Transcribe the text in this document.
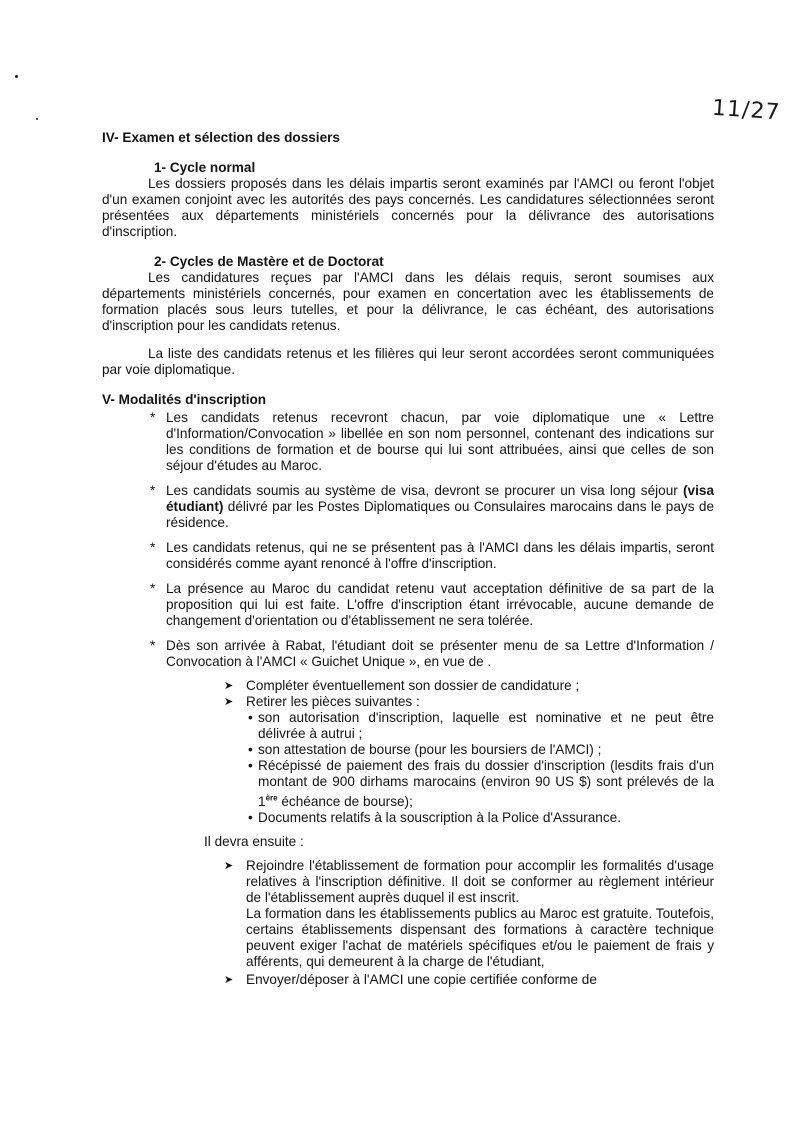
11/27
IV- Examen et sélection des dossiers
1- Cycle normal
Les dossiers proposés dans les délais impartis seront examinés par l'AMCI ou feront l'objet d'un examen conjoint avec les autorités des pays concernés. Les candidatures sélectionnées seront présentées aux départements ministériels concernés pour la délivrance des autorisations d'inscription.
2- Cycles de Mastère et de Doctorat
Les candidatures reçues par l'AMCI dans les délais requis, seront soumises aux départements ministériels concernés, pour examen en concertation avec les établissements de formation placés sous leurs tutelles, et pour la délivrance, le cas échéant, des autorisations d'inscription pour les candidats retenus.
La liste des candidats retenus et les filières qui leur seront accordées seront communiquées par voie diplomatique.
V- Modalités d'inscription
* Les candidats retenus recevront chacun, par voie diplomatique une « Lettre d'Information/Convocation » libellée en son nom personnel, contenant des indications sur les conditions de formation et de bourse qui lui sont attribuées, ainsi que celles de son séjour d'études au Maroc.
* Les candidats soumis au système de visa, devront se procurer un visa long séjour (visa étudiant) délivré par les Postes Diplomatiques ou Consulaires marocains dans le pays de résidence.
* Les candidats retenus, qui ne se présentent pas à l'AMCI dans les délais impartis, seront considérés comme ayant renoncé à l'offre d'inscription.
* La présence au Maroc du candidat retenu vaut acceptation définitive de sa part de la proposition qui lui est faite. L'offre d'inscription étant irrévocable, aucune demande de changement d'orientation ou d'établissement ne sera tolérée.
* Dès son arrivée à Rabat, l'étudiant doit se présenter menu de sa Lettre d'Information / Convocation à l'AMCI « Guichet Unique », en vue de .
➤ Compléter éventuellement son dossier de candidature ;
➤ Retirer les pièces suivantes :
• son autorisation d'inscription, laquelle est nominative et ne peut être délivrée à autrui ;
• son attestation de bourse (pour les boursiers de l'AMCI) ;
• Récépissé de paiement des frais du dossier d'inscription (lesdits frais d'un montant de 900 dirhams marocains (environ 90 US $) sont prélevés de la 1ère échéance de bourse);
• Documents relatifs à la souscription à la Police d'Assurance.
Il devra ensuite :
➤ Rejoindre l'établissement de formation pour accomplir les formalités d'usage relatives à l'inscription définitive. Il doit se conformer au règlement intérieur de l'établissement auprès duquel il est inscrit.
La formation dans les établissements publics au Maroc est gratuite. Toutefois, certains établissements dispensant des formations à caractère technique peuvent exiger l'achat de matériels spécifiques et/ou le paiement de frais y afférents, qui demeurent à la charge de l'étudiant,
➤ Envoyer/déposer à l'AMCI une copie certifiée conforme de
